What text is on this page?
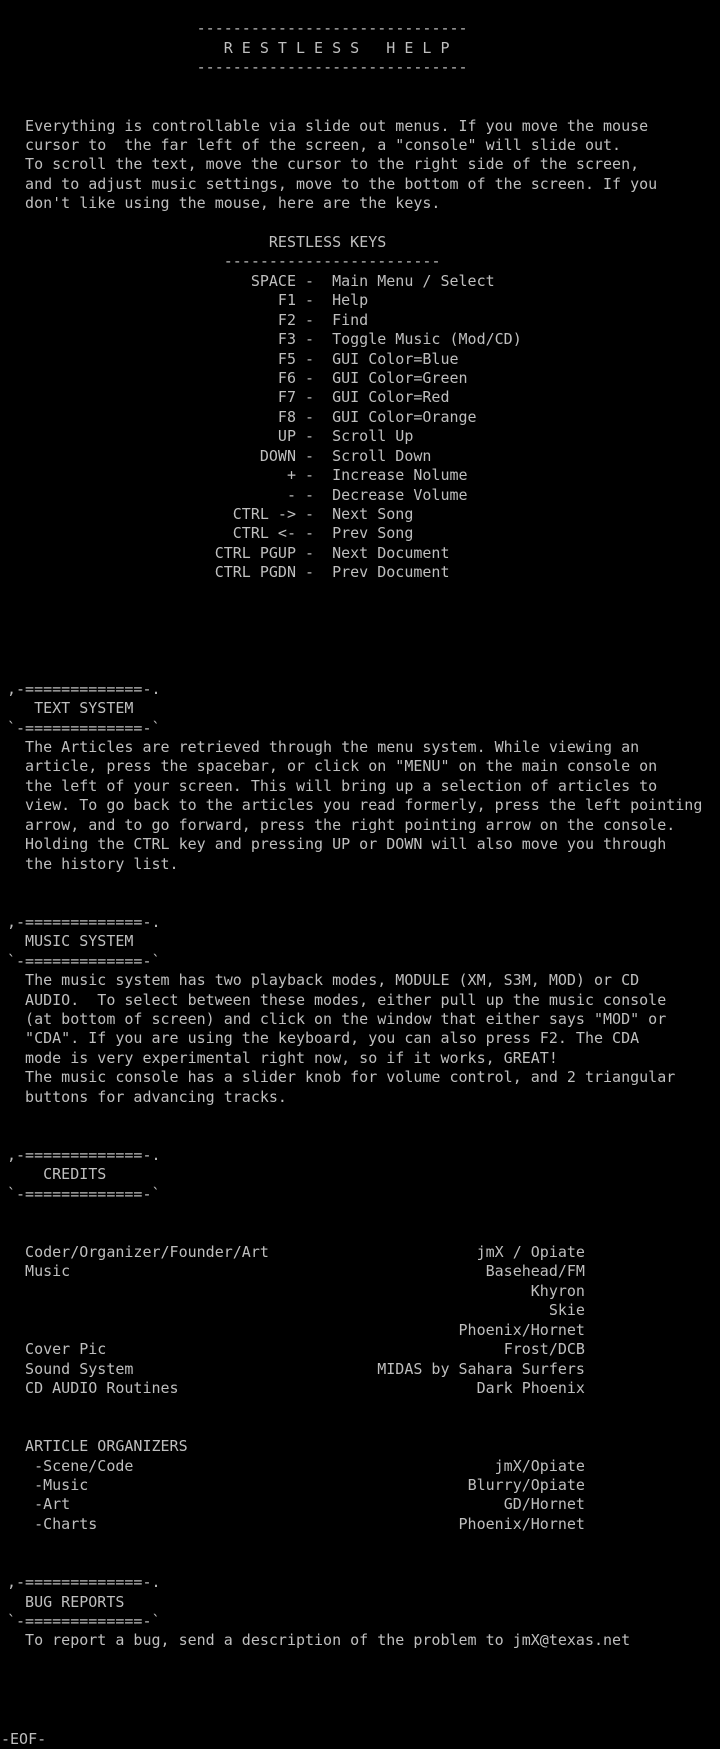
------------------------------
R E S T L E S S   H E L P
------------------------------
Everything is controllable via slide out menus. If you move the mouse
cursor to  the far left of the screen, a "console" will slide out.
To scroll the text, move the cursor to the right side of the screen,
and to adjust music settings, move to the bottom of the screen. If you
don't like using the mouse, here are the keys.
RESTLESS KEYS
------------------------
SPACE - Main Menu / Select
F1 - Help
F2 - Find
F3 - Toggle Music (Mod/CD)
F5 - GUI Color=Blue
F6 - GUI Color=Green
F7 - GUI Color=Red
F8 - GUI Color=Orange
UP - Scroll Up
DOWN - Scroll Down
+ - Increase Nolume
- - Decrease Volume
CTRL -> - Next Song
CTRL <- - Prev Song
CTRL PGUP - Next Document
CTRL PGDN - Prev Document
,-=============-.
TEXT SYSTEM
`-=============-`
The Articles are retrieved through the menu system. While viewing an
article, press the spacebar, or click on "MENU" on the main console on
the left of your screen. This will bring up a selection of articles to
view. To go back to the articles you read formerly, press the left pointing
arrow, and to go forward, press the right pointing arrow on the console.
Holding the CTRL key and pressing UP or DOWN will also move you through
the history list.
,-=============-.
MUSIC SYSTEM
`-=============-`
The music system has two playback modes, MODULE (XM, S3M, MOD) or CD
AUDIO.  To select between these modes, either pull up the music console
(at bottom of screen) and click on the window that either says "MOD" or
"CDA". If you are using the keyboard, you can also press F2. The CDA
mode is very experimental right now, so if it works, GREAT!
The music console has a slider knob for volume control, and 2 triangular
buttons for advancing tracks.
,-=============-.
CREDITS
`-=============-`
Coder/Organizer/Founder/Art	jmX / Opiate
Music	Basehead/FM
Khyron
Skie
Phoenix/Hornet
Cover Pic	Frost/DCB
Sound System	MIDAS by Sahara Surfers
CD AUDIO Routines	Dark Phoenix
ARTICLE ORGANIZERS
-Scene/Code	jmX/Opiate
-Music	Blurry/Opiate
-Art	GD/Hornet
-Charts	Phoenix/Hornet
,-=============-.
BUG REPORTS
`-=============-`
To report a bug, send a description of the problem to jmX@texas.net
-EOF-
